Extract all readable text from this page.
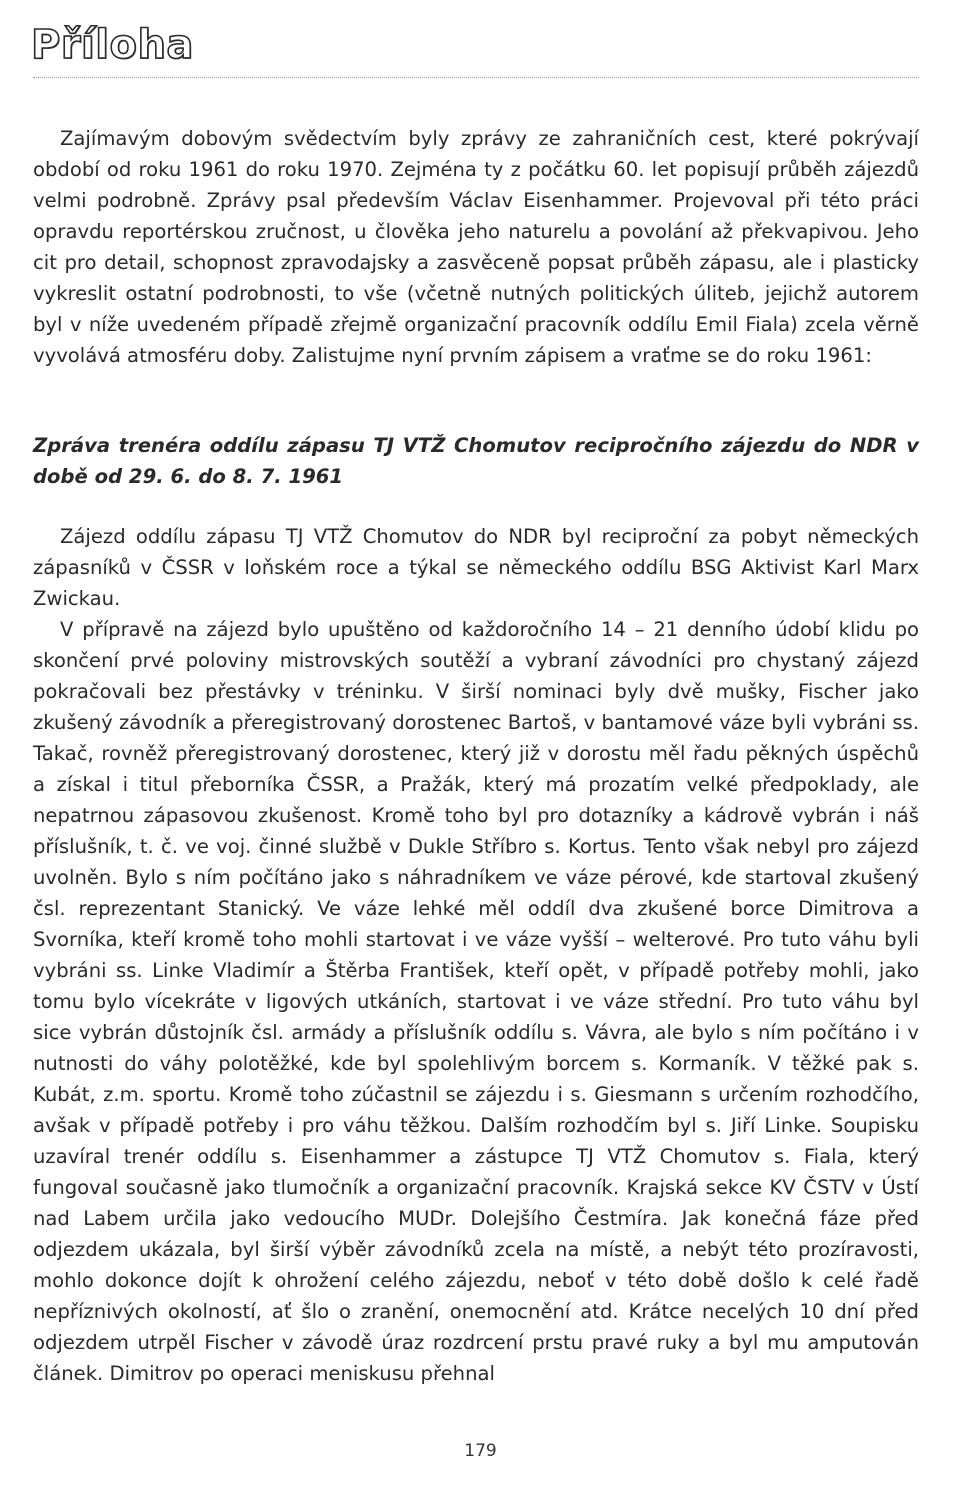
Příloha

Zajímavým dobovým svědectvím byly zprávy ze zahraničních cest, které pokrývají období od roku 1961 do roku 1970. Zejména ty z počátku 60. let popisují průběh zájezdů velmi podrobně. Zprávy psal především Václav Eisenhammer. Projevoval při této práci opravdu reportérskou zručnost, u člověka jeho naturelu a povolání až překvapivou. Jeho cit pro detail, schopnost zpravodajsky a zasvěceně popsat průběh zápasu, ale i plasticky vykreslit ostatní podrobnosti, to vše (včetně nutných politických úliteb, jejichž autorem byl v níže uvedeném případě zřejmě organizační pracovník oddílu Emil Fiala) zcela věrně vyvolává atmosféru doby. Zalistujme nyní prvním zápisem a vraťme se do roku 1961:

Zpráva trenéra oddílu zápasu TJ VTŽ Chomutov recipročního zájezdu do NDR v době od 29. 6. do 8. 7. 1961

Zájezd oddílu zápasu TJ VTŽ Chomutov do NDR byl reciproční za pobyt německých zápasníků v ČSSR v loňském roce a týkal se německého oddílu BSG Aktivist Karl Marx Zwickau.

V přípravě na zájezd bylo upuštěno od každoročního 14 – 21 denního údobí klidu po skončení prvé poloviny mistrovských soutěží a vybraní závodníci pro chystaný zájezd pokračovali bez přestávky v tréninku. V širší nominaci byly dvě mušky, Fischer jako zkušený závodník a přeregistrovaný dorostenec Bartoš, v bantamové váze byli vybráni ss. Takač, rovněž přeregistrovaný dorostenec, který již v dorostu měl řadu pěkných úspěchů a získal i titul přeborníka ČSSR, a Pražák, který má prozatím velké předpoklady, ale nepatrnou zápasovou zkušenost. Kromě toho byl pro dotazníky a kádrově vybrán i náš příslušník, t. č. ve voj. činné službě v Dukle Stříbro s. Kortus. Tento však nebyl pro zájezd uvolněn. Bylo s ním počítáno jako s náhradníkem ve váze pérové, kde startoval zkušený čsl. reprezentant Stanický. Ve váze lehké měl oddíl dva zkušené borce Dimitrova a Svorníka, kteří kromě toho mohli startovat i ve váze vyšší – welterové. Pro tuto váhu byli vybráni ss. Linke Vladimír a Štěrba František, kteří opět, v případě potřeby mohli, jako tomu bylo vícekráte v ligových utkáních, startovat i ve váze střední. Pro tuto váhu byl sice vybrán důstojník čsl. armády a příslušník oddílu s. Vávra, ale bylo s ním počítáno i v nutnosti do váhy polotěžké, kde byl spolehlivým borcem s. Kormaník. V těžké pak s. Kubát, z.m. sportu. Kromě toho zúčastnil se zájezdu i s. Giesmann s určením rozhodčího, avšak v případě potřeby i pro váhu těžkou. Dalším rozhodčím byl s. Jiří Linke. Soupisku uzavíral trenér oddílu s. Eisenhammer a zástupce TJ VTŽ Chomutov s. Fiala, který fungoval současně jako tlumočník a organizační pracovník. Krajská sekce KV ČSTV v Ústí nad Labem určila jako vedoucího MUDr. Dolejšího Čestmíra. Jak konečná fáze před odjezdem ukázala, byl širší výběr závodníků zcela na místě, a nebýt této prozíravosti, mohlo dokonce dojít k ohrožení celého zájezdu, neboť v této době došlo k celé řadě nepříznivých okolností, ať šlo o zranění, onemocnění atd. Krátce necelých 10 dní před odjezdem utrpěl Fischer v závodě úraz rozdrcení prstu pravé ruky a byl mu amputován článek. Dimitrov po operaci meniskusu přehnal

179
